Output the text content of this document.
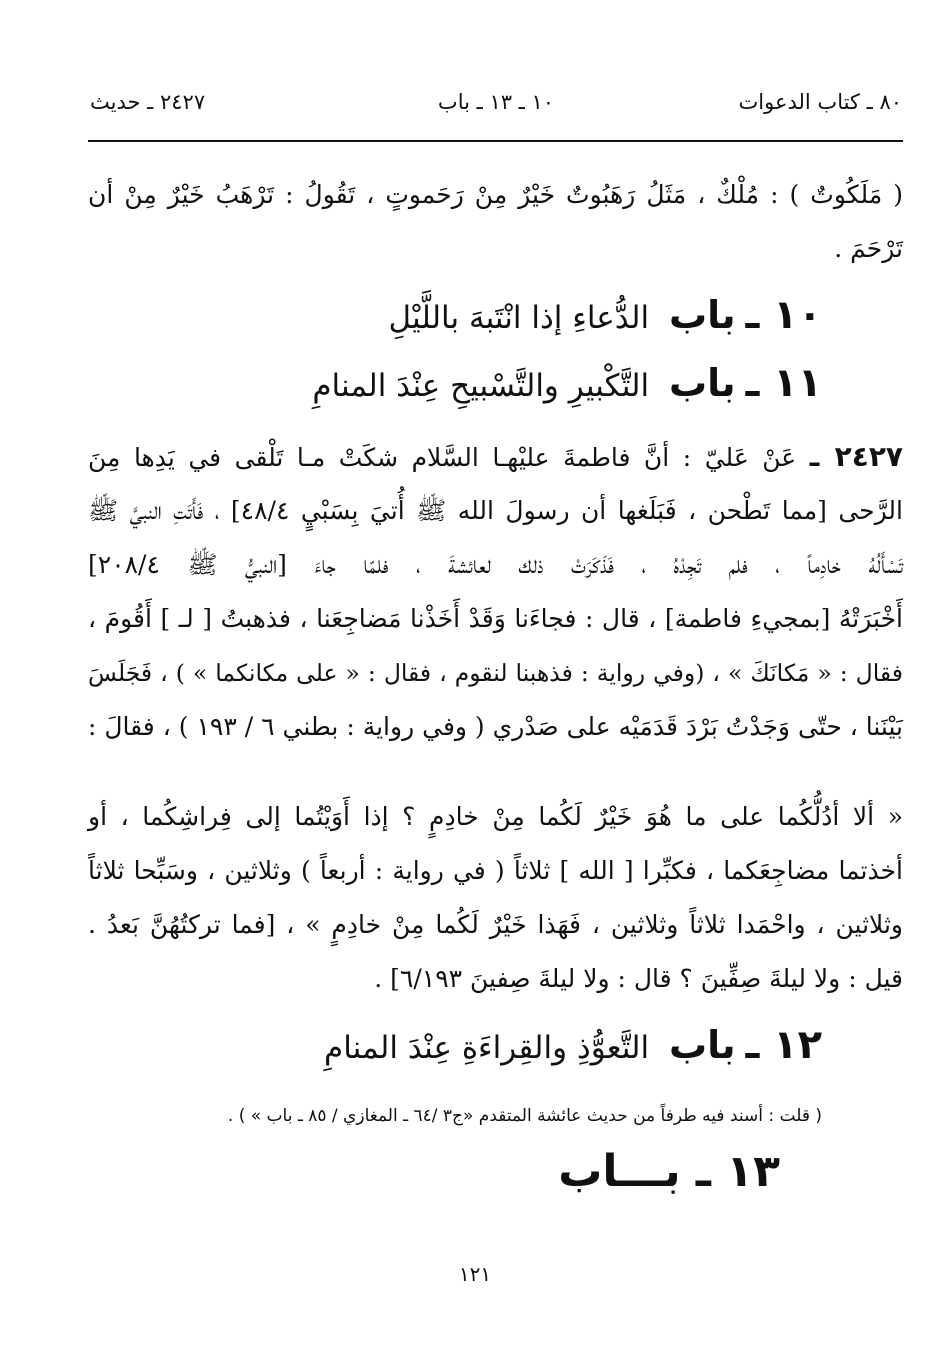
٨٠ ـ كتاب الدعوات
١٠ ـ ١٣ ـ باب
٢٤٢٧ ـ حديث
( مَلَكُوتٌ ) : مُلْكٌ ، مَثَلُ رَهَبُوتٌ خَيْرٌ مِنْ رَحَموتٍ ، تَقُولُ : تَرْهَبُ خَيْرٌ مِنْ أن
تَرْحَمَ .
١٠ ـ باب الدُّعاءِ إذا انْتَبهَ باللَّيْلِ
١١ ـ باب التَّكْبيرِ والتَّسْبيحِ عِنْدَ المنامِ
٢٤٢٧ ـ عَنْ عَليّ : أنَّ فاطمةَ عليْهـا السَّلام شكَتْ مـا تَلْقى في يَدِها مِنَ
الرَّحى [مما تَطْحن ، فَبَلَغها أن رسولَ الله ﷺ أُتيَ بِسَبْيٍ ٤٨/٤] ، فَأَتَتِ النبيَّ ﷺ
تَسْأَلُهُ خادِماً ، فلم تَجِدْهُ ، فَذَكَرَتْ ذلك لعائشةَ ، فلمّا جاءَ [النبيُّ ﷺ ٢٠٨/٤]
أَخْبَرَتْهُ [بمجيءِ فاطمة] ، قال : فجاءَنا وَقَدْ أَخَذْنا مَضاجِعَنا ، فذهبتُ [ لـ ] أَقُومَ ،
فقال : « مَكانَكَ » ، (وفي رواية : فذهبنا لنقوم ، فقال : « على مكانكما » ) ، فَجَلَسَ
بَيْنَنا ، حتّى وَجَدْتُ بَرْدَ قَدَمَيْه على صَدْري ( وفي رواية : بطني ٦ / ١٩٣ ) ، فقالَ :
« ألا أدُلُّكُما على ما هُوَ خَيْرٌ لَكُما مِنْ خادِمٍ ؟ إذا أَوَيْتُما إلى فِراشِكُما ، أو
أخذتما مضاجِعَكما ، فكبِّرا [ الله ] ثلاثاً ( في رواية : أربعاً ) وثلاثين ، وسَبِّحا ثلاثاً
وثلاثين ، واحْمَدا ثلاثاً وثلاثين ، فَهَذا خَيْرٌ لَكُما مِنْ خادِمٍ » ، [فما تركتُهُنَّ بَعدُ .
قيل : ولا ليلةَ صِفِّينَ ؟ قال : ولا ليلةَ صِفينَ ٦/١٩٣] .
١٢ ـ باب التَّعوُّذِ والقِراءَةِ عِنْدَ المنامِ
( قلت : أسند فيه طرفاً من حديث عائشة المتقدم «ج٣ /٦٤ ـ المغازي / ٨٥ ـ باب » ) .
١٣ ـ بـــاب
١٢١
